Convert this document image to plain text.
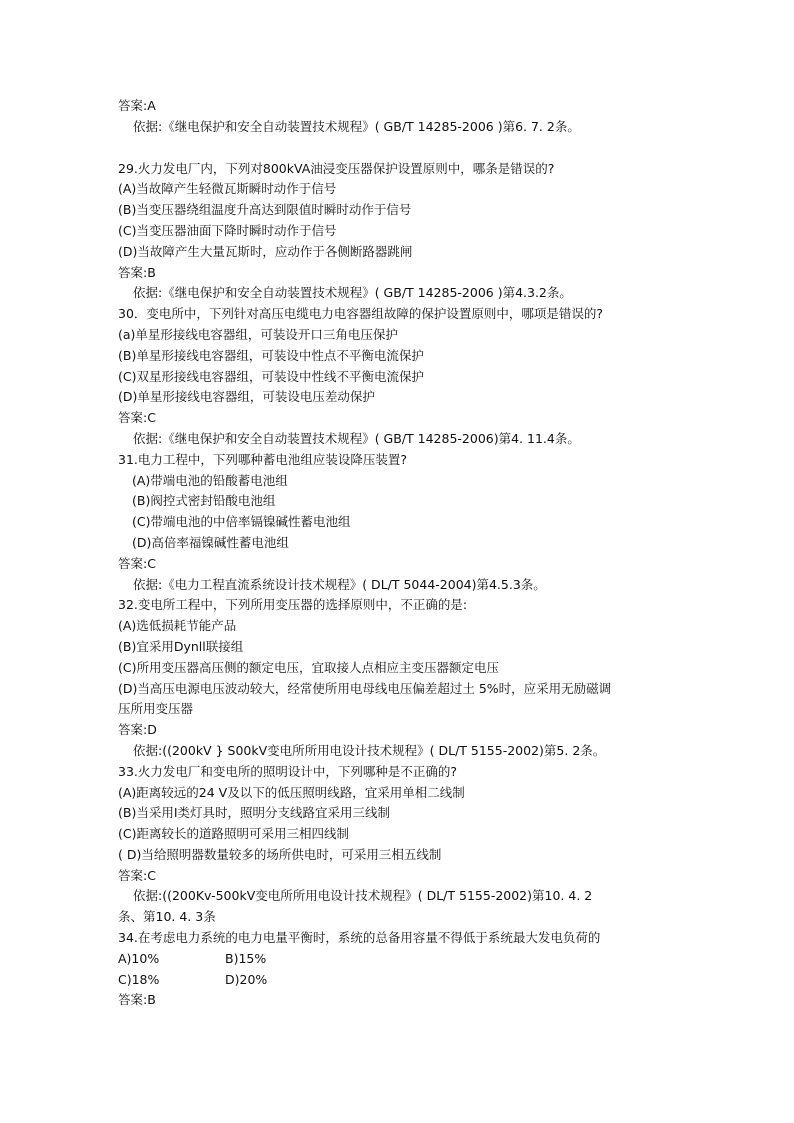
答案:A
依据:《继电保护和安全自动装置技术规程》( GB/T 14285-2006 )第6. 7. 2条。
29.火力发电厂内，下列对800kVA油浸变压器保护设置原则中，哪条是错误的?
(A)当故障产生轻微瓦斯瞬时动作于信号
(B)当变压器绕组温度升高达到限值时瞬时动作于信号
(C)当变压器油面下降时瞬时动作于信号
(D)当故障产生大量瓦斯时，应动作于各侧断路器跳闸
答案:B
依据:《继电保护和安全自动装置技术规程》( GB/T 14285-2006 )第4.3.2条。
30．变电所中，下列针对高压电缆电力电容器组故障的保护设置原则中，哪项是错误的?
(a)单星形接线电容器组，可装设开口三角电压保护
(B)单星形接线电容器组，可装设中性点不平衡电流保护
(C)双星形接线电容器组，可装设中性线不平衡电流保护
(D)单星形接线电容器组，可装设电压差动保护
答案:C
依据:《继电保护和安全自动装置技术规程》( GB/T 14285-2006)第4. 11.4条。
31.电力工程中，下列哪种蓄电池组应装设降压装置?
(A)带端电池的铅酸蓄电池组
(B)阀控式密封铅酸电池组
(C)带端电池的中倍率镉镍碱性蓄电池组
(D)高倍率福镍碱性蓄电池组
答案:C
依据:《电力工程直流系统设计技术规程》( DL/T 5044-2004)第4.5.3条。
32.变电所工程中，下列所用变压器的选择原则中，不正确的是:
(A)选低损耗节能产品
(B)宜采用Dynll联接组
(C)所用变压器高压侧的额定电压，宜取接人点相应主变压器额定电压
(D)当高压电源电压波动较大，经常使所用电母线电压偏差超过土 5%时，应采用无励磁调
压所用变压器
答案:D
依据:((200kV } S00kV变电所所用电设计技术规程》( DL/T 5155-2002)第5. 2条。
33.火力发电厂和变电所的照明设计中，下列哪种是不正确的?
(A)距离较远的24 V及以下的低压照明线路，宜采用单相二线制
(B)当采用I类灯具时，照明分支线路宜采用三线制
(C)距离较长的道路照明可采用三相四线制
( D)当给照明器数量较多的场所供电时，可采用三相五线制
答案:C
依据:((200Kv-500kV变电所所用电设计技术规程》( DL/T 5155-2002)第10. 4. 2
条、第10. 4. 3条
34.在考虑电力系统的电力电量平衡时，系统的总备用容量不得低于系统最大发电负荷的
A)10%	B)15%
C)18%	D)20%
答案:B
